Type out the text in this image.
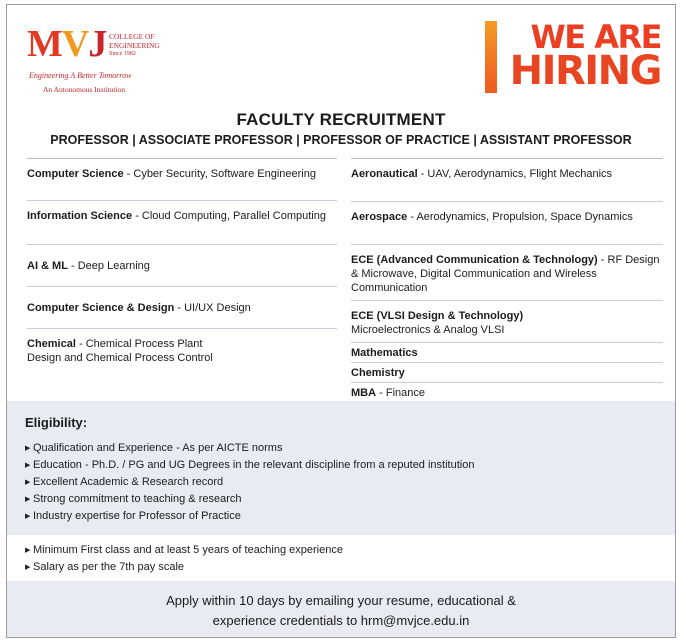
MVJ COLLEGE OF
ENGINEERING
Since 1982
Engineering A Better Tomorrow
An Autonomous Institution
WE ARE
HIRING
FACULTY RECRUITMENT
PROFESSOR | ASSOCIATE PROFESSOR | PROFESSOR OF PRACTICE | ASSISTANT PROFESSOR
Computer Science - Cyber Security, Software Engineering
Information Science - Cloud Computing, Parallel Computing
AI & ML - Deep Learning
Computer Science & Design - UI/UX Design
Chemical - Chemical Process Plant Design and Chemical Process Control
Aeronautical - UAV, Aerodynamics, Flight Mechanics
Aerospace - Aerodynamics, Propulsion, Space Dynamics
ECE (Advanced Communication & Technology) - RF Design & Microwave, Digital Communication and Wireless Communication
ECE (VLSI Design & Technology)
Microelectronics & Analog VLSI
Mathematics
Chemistry
MBA - Finance
Eligibility:
▶ Qualification and Experience - As per AICTE norms
▶ Education - Ph.D. / PG and UG Degrees in the relevant discipline from a reputed institution
▶ Excellent Academic & Research record
▶ Strong commitment to teaching & research
▶ Industry expertise for Professor of Practice
▶ Minimum First class and at least 5 years of teaching experience
▶ Salary as per the 7th pay scale
Apply within 10 days by emailing your resume, educational &
experience credentials to hrm@mvjce.edu.in
